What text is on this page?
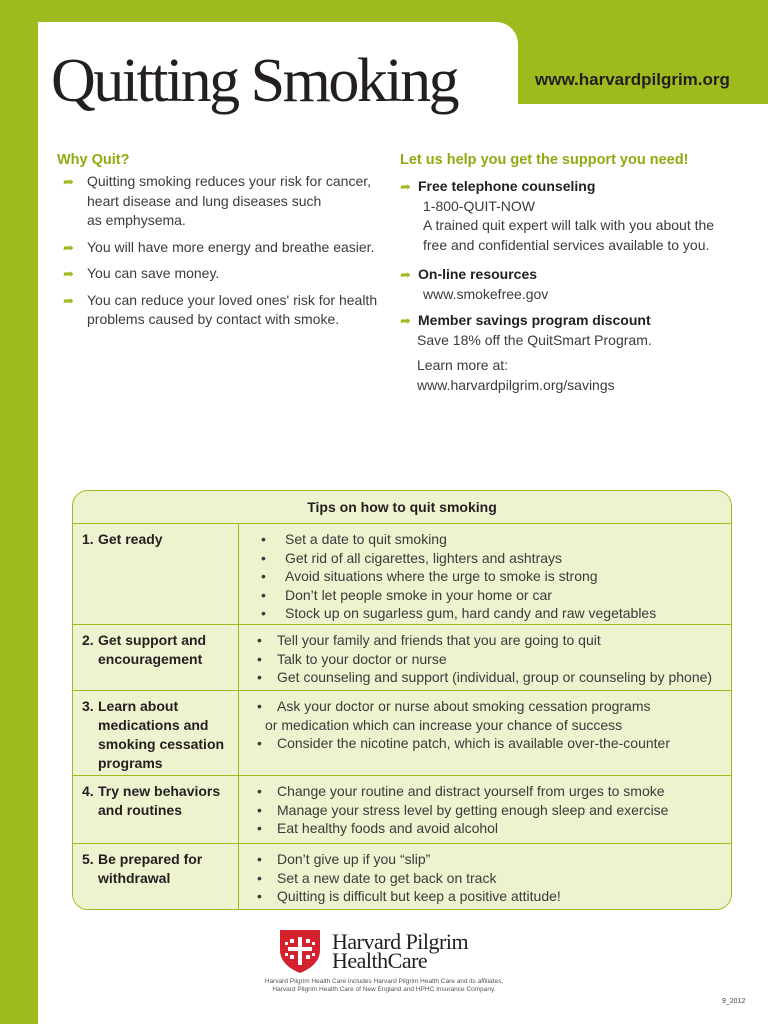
Quitting Smoking	www.harvardpilgrim.org
Why Quit?
➦ Quitting smoking reduces your risk for cancer,
heart disease and lung diseases such
as emphysema.
➦ You will have more energy and breathe easier.
➦ You can save money.
➦ You can reduce your loved ones' risk for health
problems caused by contact with smoke.
Let us help you get the support you need!
➦ Free telephone counseling
1-800-QUIT-NOW
A trained quit expert will talk with you about the
free and confidential services available to you.
➦ On-line resources
www.smokefree.gov
➦ Member savings program discount
Save 18% off the QuitSmart Program.
Learn more at:
www.harvardpilgrim.org/savings
Tips on how to quit smoking
1. Get ready	• Set a date to quit smoking
• Get rid of all cigarettes, lighters and ashtrays
• Avoid situations where the urge to smoke is strong
• Don’t let people smoke in your home or car
• Stock up on sugarless gum, hard candy and raw vegetables
2. Get support and
encouragement
• Tell your family and friends that you are going to quit
• Talk to your doctor or nurse
• Get counseling and support (individual, group or counseling by phone)
3. Learn about
medications and
smoking cessation
programs
• Ask your doctor or nurse about smoking cessation programs
or medication which can increase your chance of success
• Consider the nicotine patch, which is available over-the-counter
4. Try new behaviors
and routines
• Change your routine and distract yourself from urges to smoke
• Manage your stress level by getting enough sleep and exercise
• Eat healthy foods and avoid alcohol
5. Be prepared for
withdrawal
• Don’t give up if you “slip”
• Set a new date to get back on track
• Quitting is difficult but keep a positive attitude!
Harvard Pilgrim
HealthCare
Harvard Pilgrim Health Care includes Harvard Pilgrim Health Care and its affiliates,
Harvard Pilgrim Health Care of New England and HPHC Insurance Company.
9_2012
